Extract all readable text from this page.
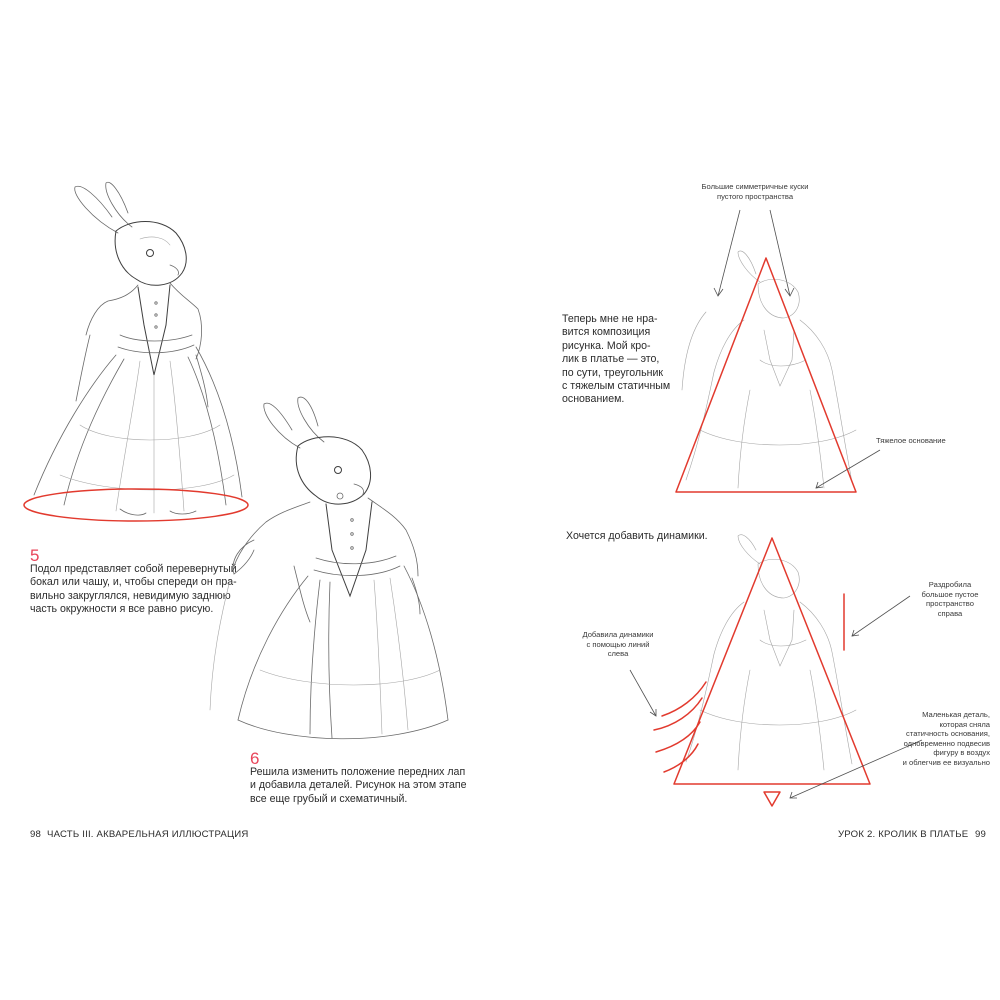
5
Подол представляет собой перевернутый
бокал или чашу, и, чтобы спереди он пра-
вильно закруглялся, невидимую заднюю
часть окружности я все равно рисую.
6
Решила изменить положение передних лап
и добавила деталей. Рисунок на этом этапе
все еще грубый и схематичный.
98 ЧАСТЬ III. АКВАРЕЛЬНАЯ ИЛЛЮСТРАЦИЯ
Большие симметричные куски
пустого пространства
Теперь мне не нра-
вится композиция
рисунка. Мой кро-
лик в платье — это,
по сути, треугольник
с тяжелым статичным
основaнием.
Тяжелое основание
Хочется добавить динамики.
Раздробила
большое пустое
пространство
справа
Добавила динамики
с помощью линий
слева
Маленькая деталь,
которая сняла
статичность основания,
одновременно подвесив
фигуру в воздух
и облегчив ее визуально
УРОК 2. КРОЛИК В ПЛАТЬЕ 99
